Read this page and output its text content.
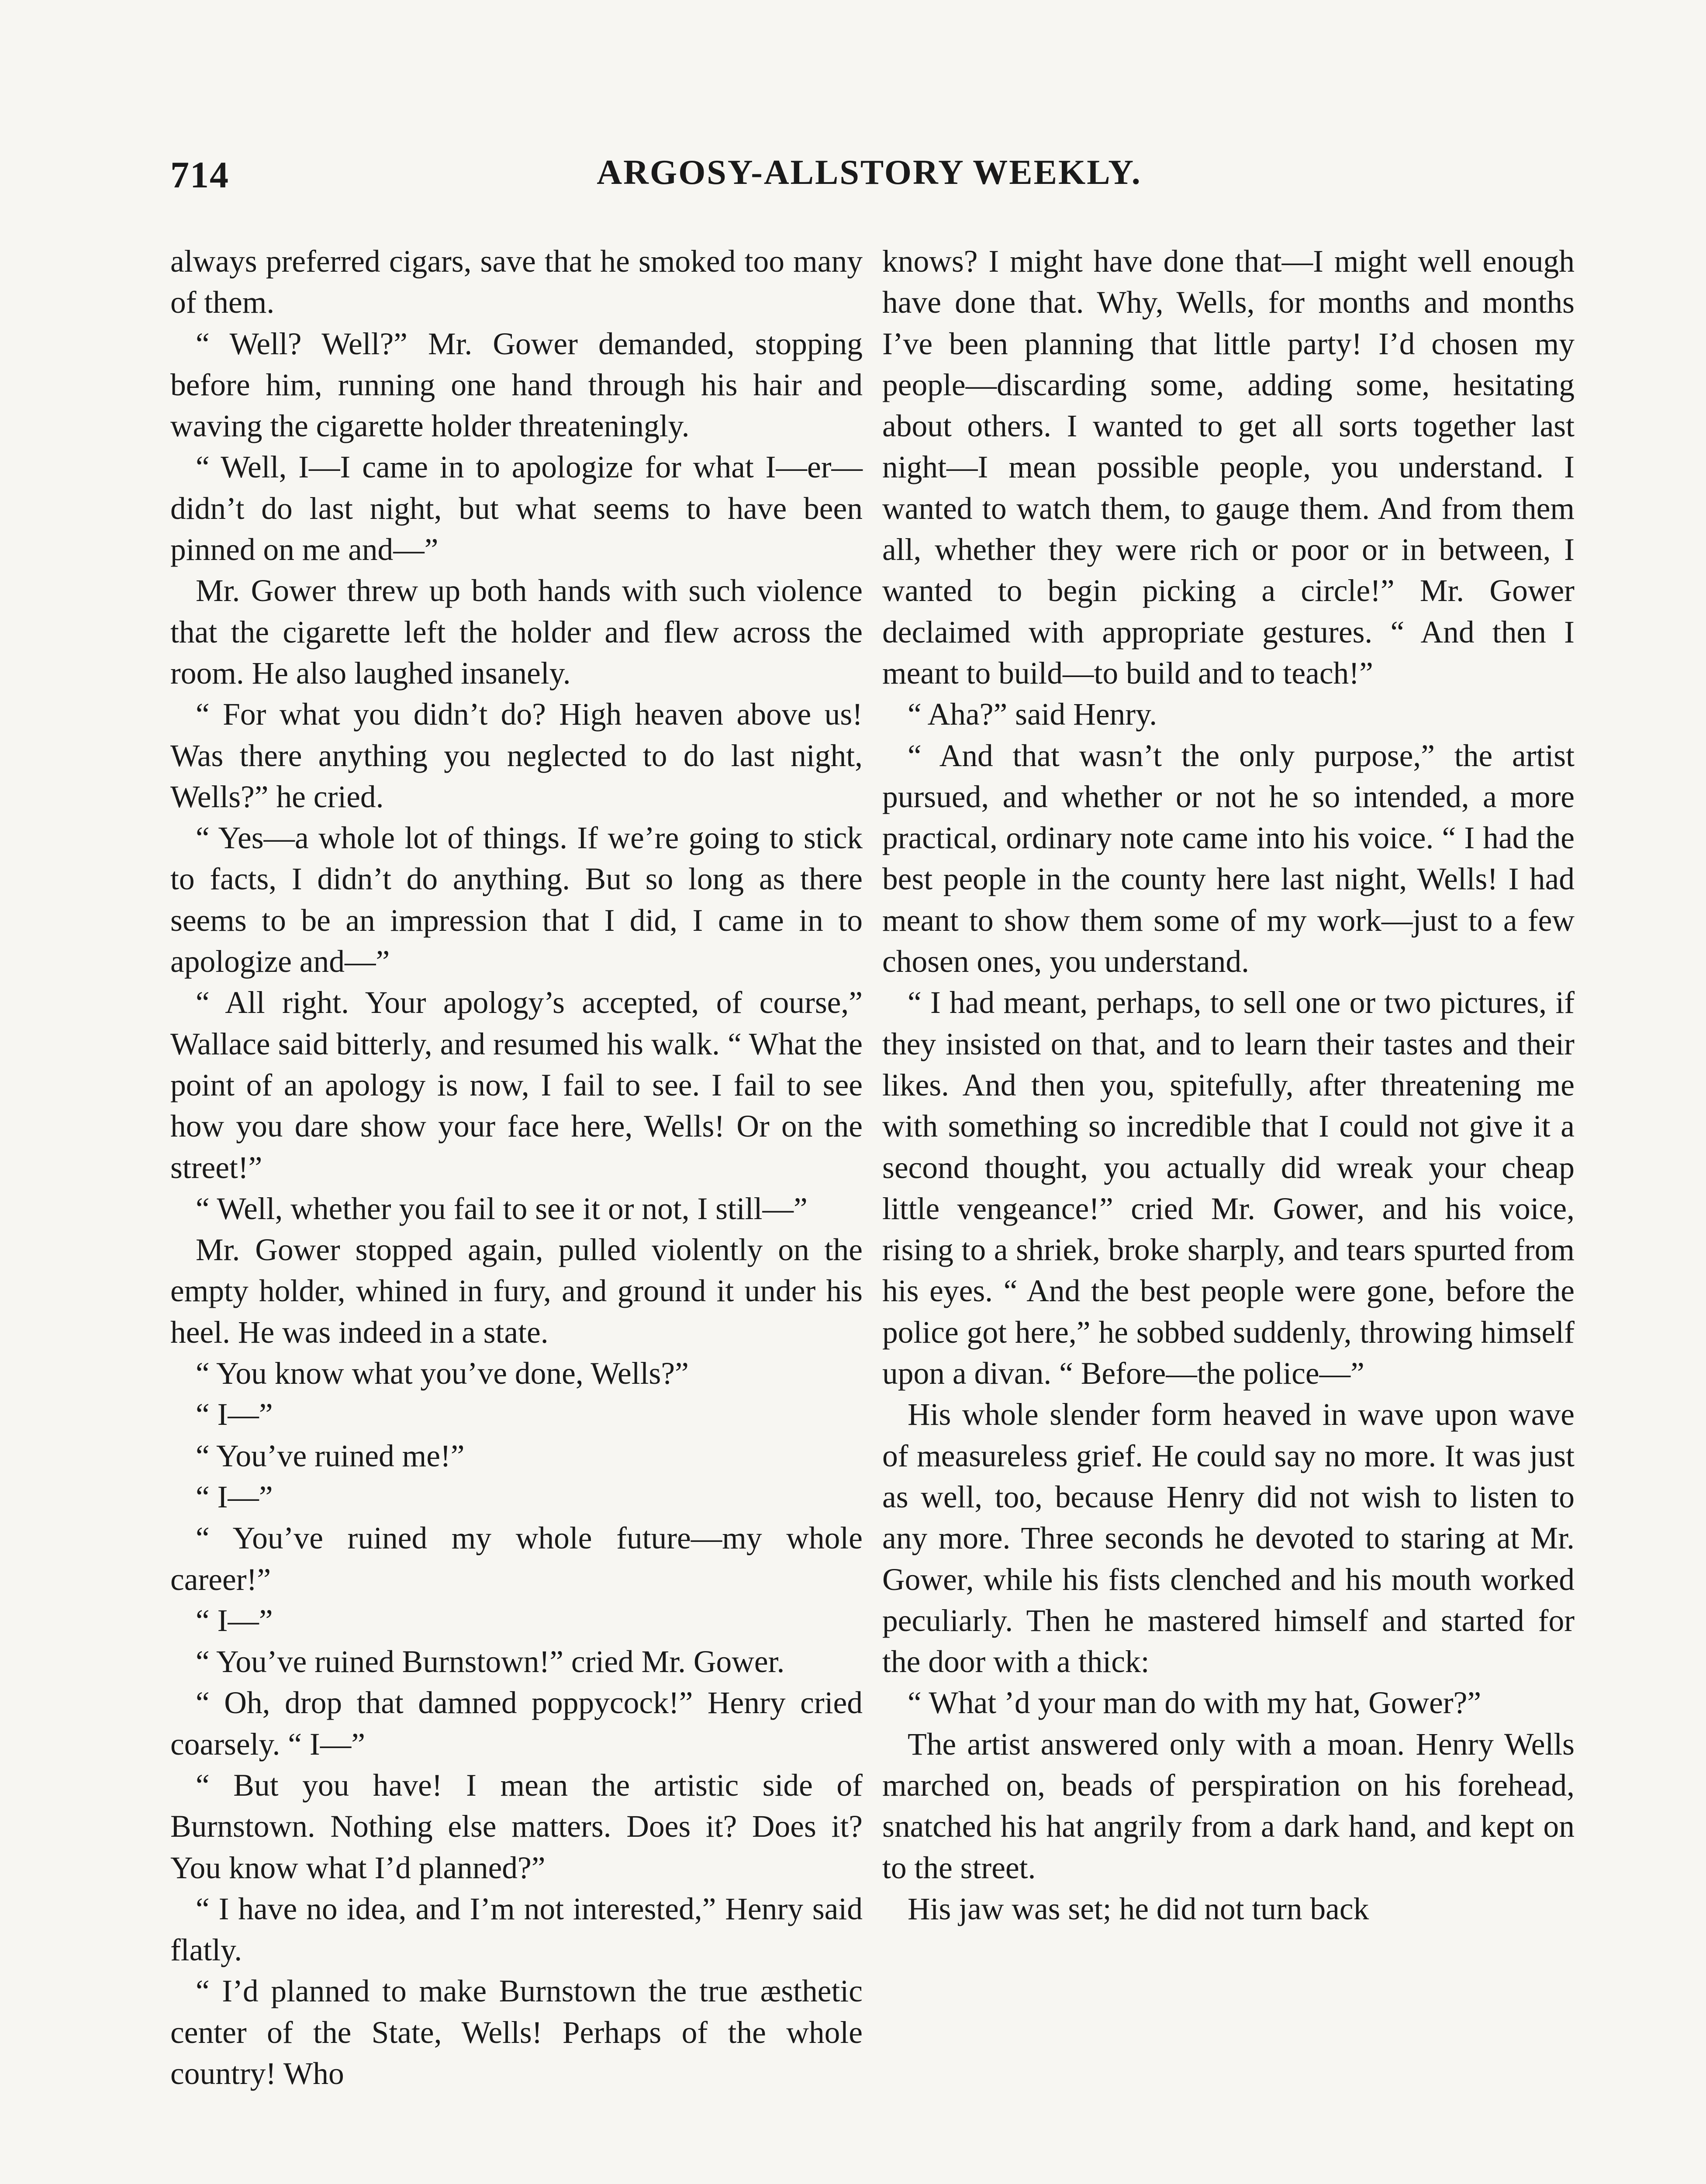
714	ARGOSY-ALLSTORY WEEKLY.

always preferred cigars, save that he smoked too many of them.

“ Well? Well?” Mr. Gower demanded, stopping before him, running one hand through his hair and waving the cigarette holder threateningly.

“ Well, I—I came in to apologize for what I—er—didn’t do last night, but what seems to have been pinned on me and—”

Mr. Gower threw up both hands with such violence that the cigarette left the holder and flew across the room. He also laughed insanely.

“ For what you didn’t do? High heaven above us! Was there anything you neglected to do last night, Wells?” he cried.

“ Yes—a whole lot of things. If we’re going to stick to facts, I didn’t do anything. But so long as there seems to be an impression that I did, I came in to apologize and—”

“ All right. Your apology’s accepted, of course,” Wallace said bitterly, and resumed his walk. “ What the point of an apology is now, I fail to see. I fail to see how you dare show your face here, Wells! Or on the street!”

“ Well, whether you fail to see it or not, I still—”

Mr. Gower stopped again, pulled violently on the empty holder, whined in fury, and ground it under his heel. He was indeed in a state.

“ You know what you’ve done, Wells?”

“ I—”

“ You’ve ruined me!”

“ I—”

“ You’ve ruined my whole future—my whole career!”

“ I—”

“ You’ve ruined Burnstown!” cried Mr. Gower.

“ Oh, drop that damned poppycock!” Henry cried coarsely. “ I—”

“ But you have! I mean the artistic side of Burnstown. Nothing else matters. Does it? Does it? You know what I’d planned?”

“ I have no idea, and I’m not interested,” Henry said flatly.

“ I’d planned to make Burnstown the true æsthetic center of the State, Wells! Perhaps of the whole country! Who

knows? I might have done that—I might well enough have done that. Why, Wells, for months and months I’ve been planning that little party! I’d chosen my people—discarding some, adding some, hesitating about others. I wanted to get all sorts together last night—I mean possible people, you understand. I wanted to watch them, to gauge them. And from them all, whether they were rich or poor or in between, I wanted to begin picking a circle!” Mr. Gower declaimed with appropriate gestures. “ And then I meant to build—to build and to teach!”

“ Aha?” said Henry.

“ And that wasn’t the only purpose,” the artist pursued, and whether or not he so intended, a more practical, ordinary note came into his voice. “ I had the best people in the county here last night, Wells! I had meant to show them some of my work—just to a few chosen ones, you understand.

“ I had meant, perhaps, to sell one or two pictures, if they insisted on that, and to learn their tastes and their likes. And then you, spitefully, after threatening me with something so incredible that I could not give it a second thought, you actually did wreak your cheap little vengeance!” cried Mr. Gower, and his voice, rising to a shriek, broke sharply, and tears spurted from his eyes. “ And the best people were gone, before the police got here,” he sobbed suddenly, throwing himself upon a divan. “ Before—the police—”

His whole slender form heaved in wave upon wave of measureless grief. He could say no more. It was just as well, too, because Henry did not wish to listen to any more. Three seconds he devoted to staring at Mr. Gower, while his fists clenched and his mouth worked peculiarly. Then he mastered himself and started for the door with a thick:

“ What ’d your man do with my hat, Gower?”

The artist answered only with a moan. Henry Wells marched on, beads of perspiration on his forehead, snatched his hat angrily from a dark hand, and kept on to the street.

His jaw was set; he did not turn back
